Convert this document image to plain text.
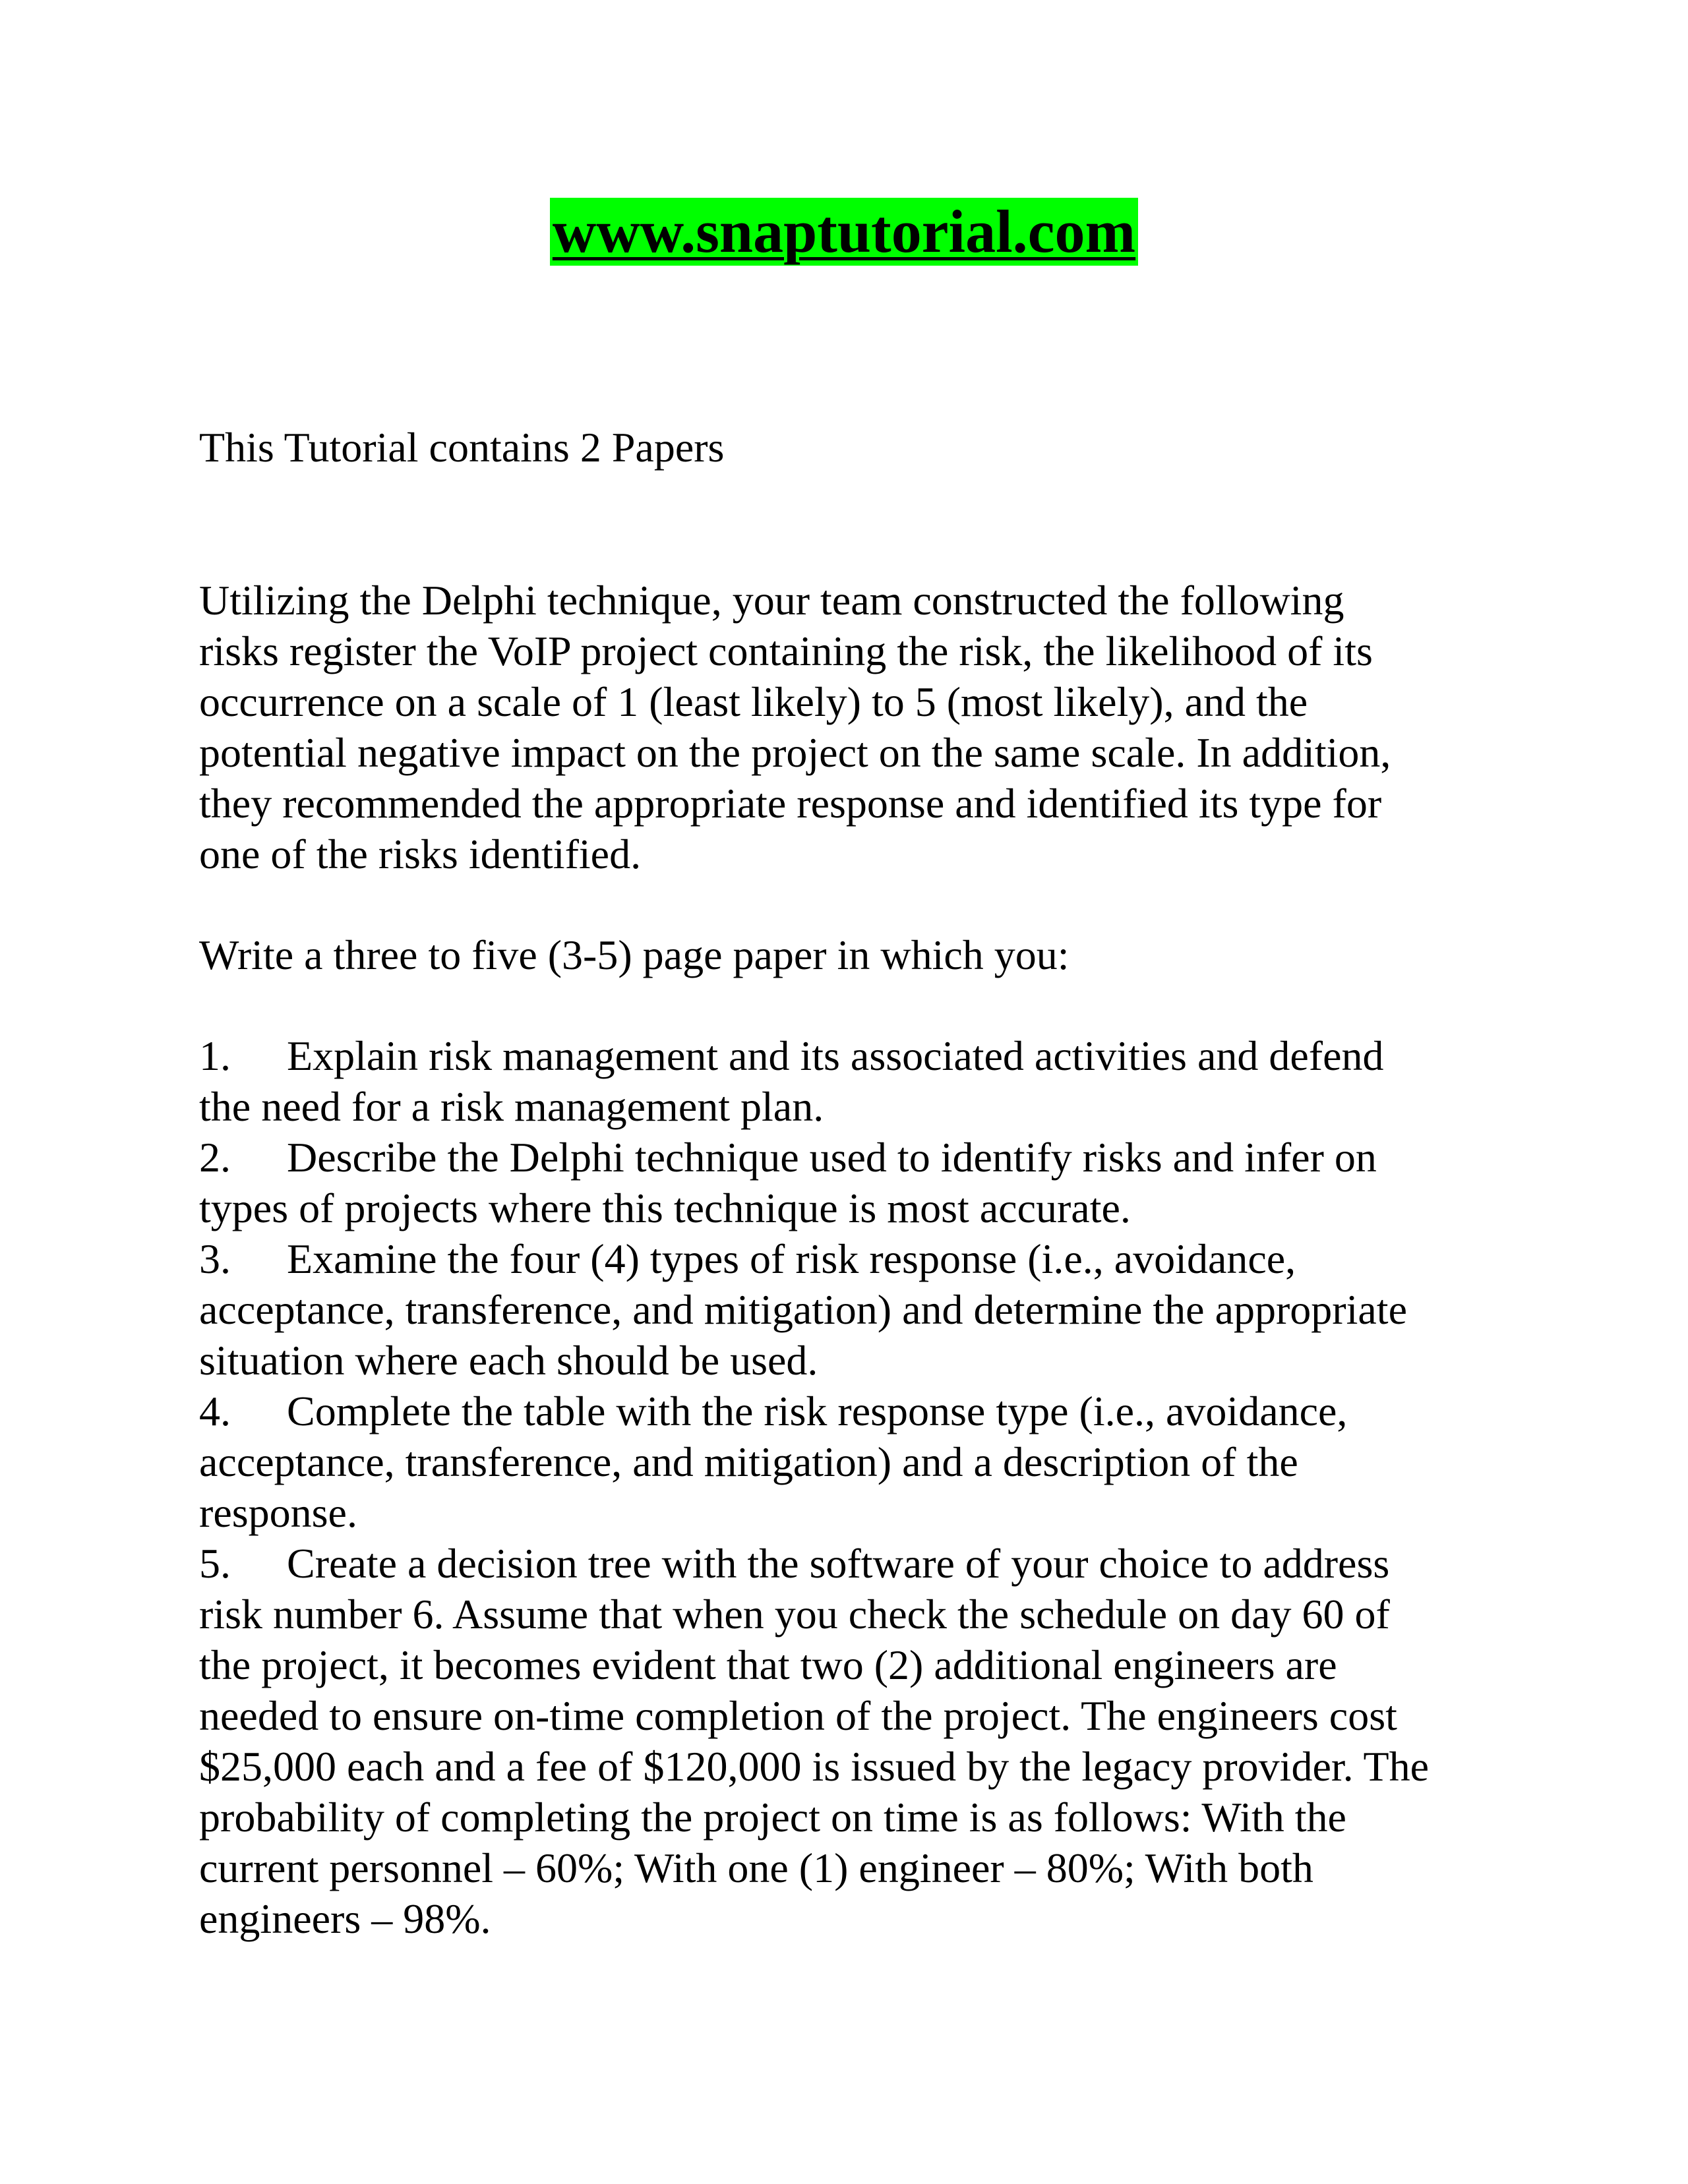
www.snaptutorial.com
This Tutorial contains 2 Papers
Utilizing the Delphi technique, your team constructed the following
risks register the VoIP project containing the risk, the likelihood of its
occurrence on a scale of 1 (least likely) to 5 (most likely), and the
potential negative impact on the project on the same scale. In addition,
they recommended the appropriate response and identified its type for
one of the risks identified.
Write a three to five (3-5) page paper in which you:
1. Explain risk management and its associated activities and defend
the need for a risk management plan.
2. Describe the Delphi technique used to identify risks and infer on
types of projects where this technique is most accurate.
3. Examine the four (4) types of risk response (i.e., avoidance,
acceptance, transference, and mitigation) and determine the appropriate
situation where each should be used.
4. Complete the table with the risk response type (i.e., avoidance,
acceptance, transference, and mitigation) and a description of the
response.
5. Create a decision tree with the software of your choice to address
risk number 6. Assume that when you check the schedule on day 60 of
the project, it becomes evident that two (2) additional engineers are
needed to ensure on-time completion of the project. The engineers cost
$25,000 each and a fee of $120,000 is issued by the legacy provider. The
probability of completing the project on time is as follows: With the
current personnel – 60%; With one (1) engineer – 80%; With both
engineers – 98%.
